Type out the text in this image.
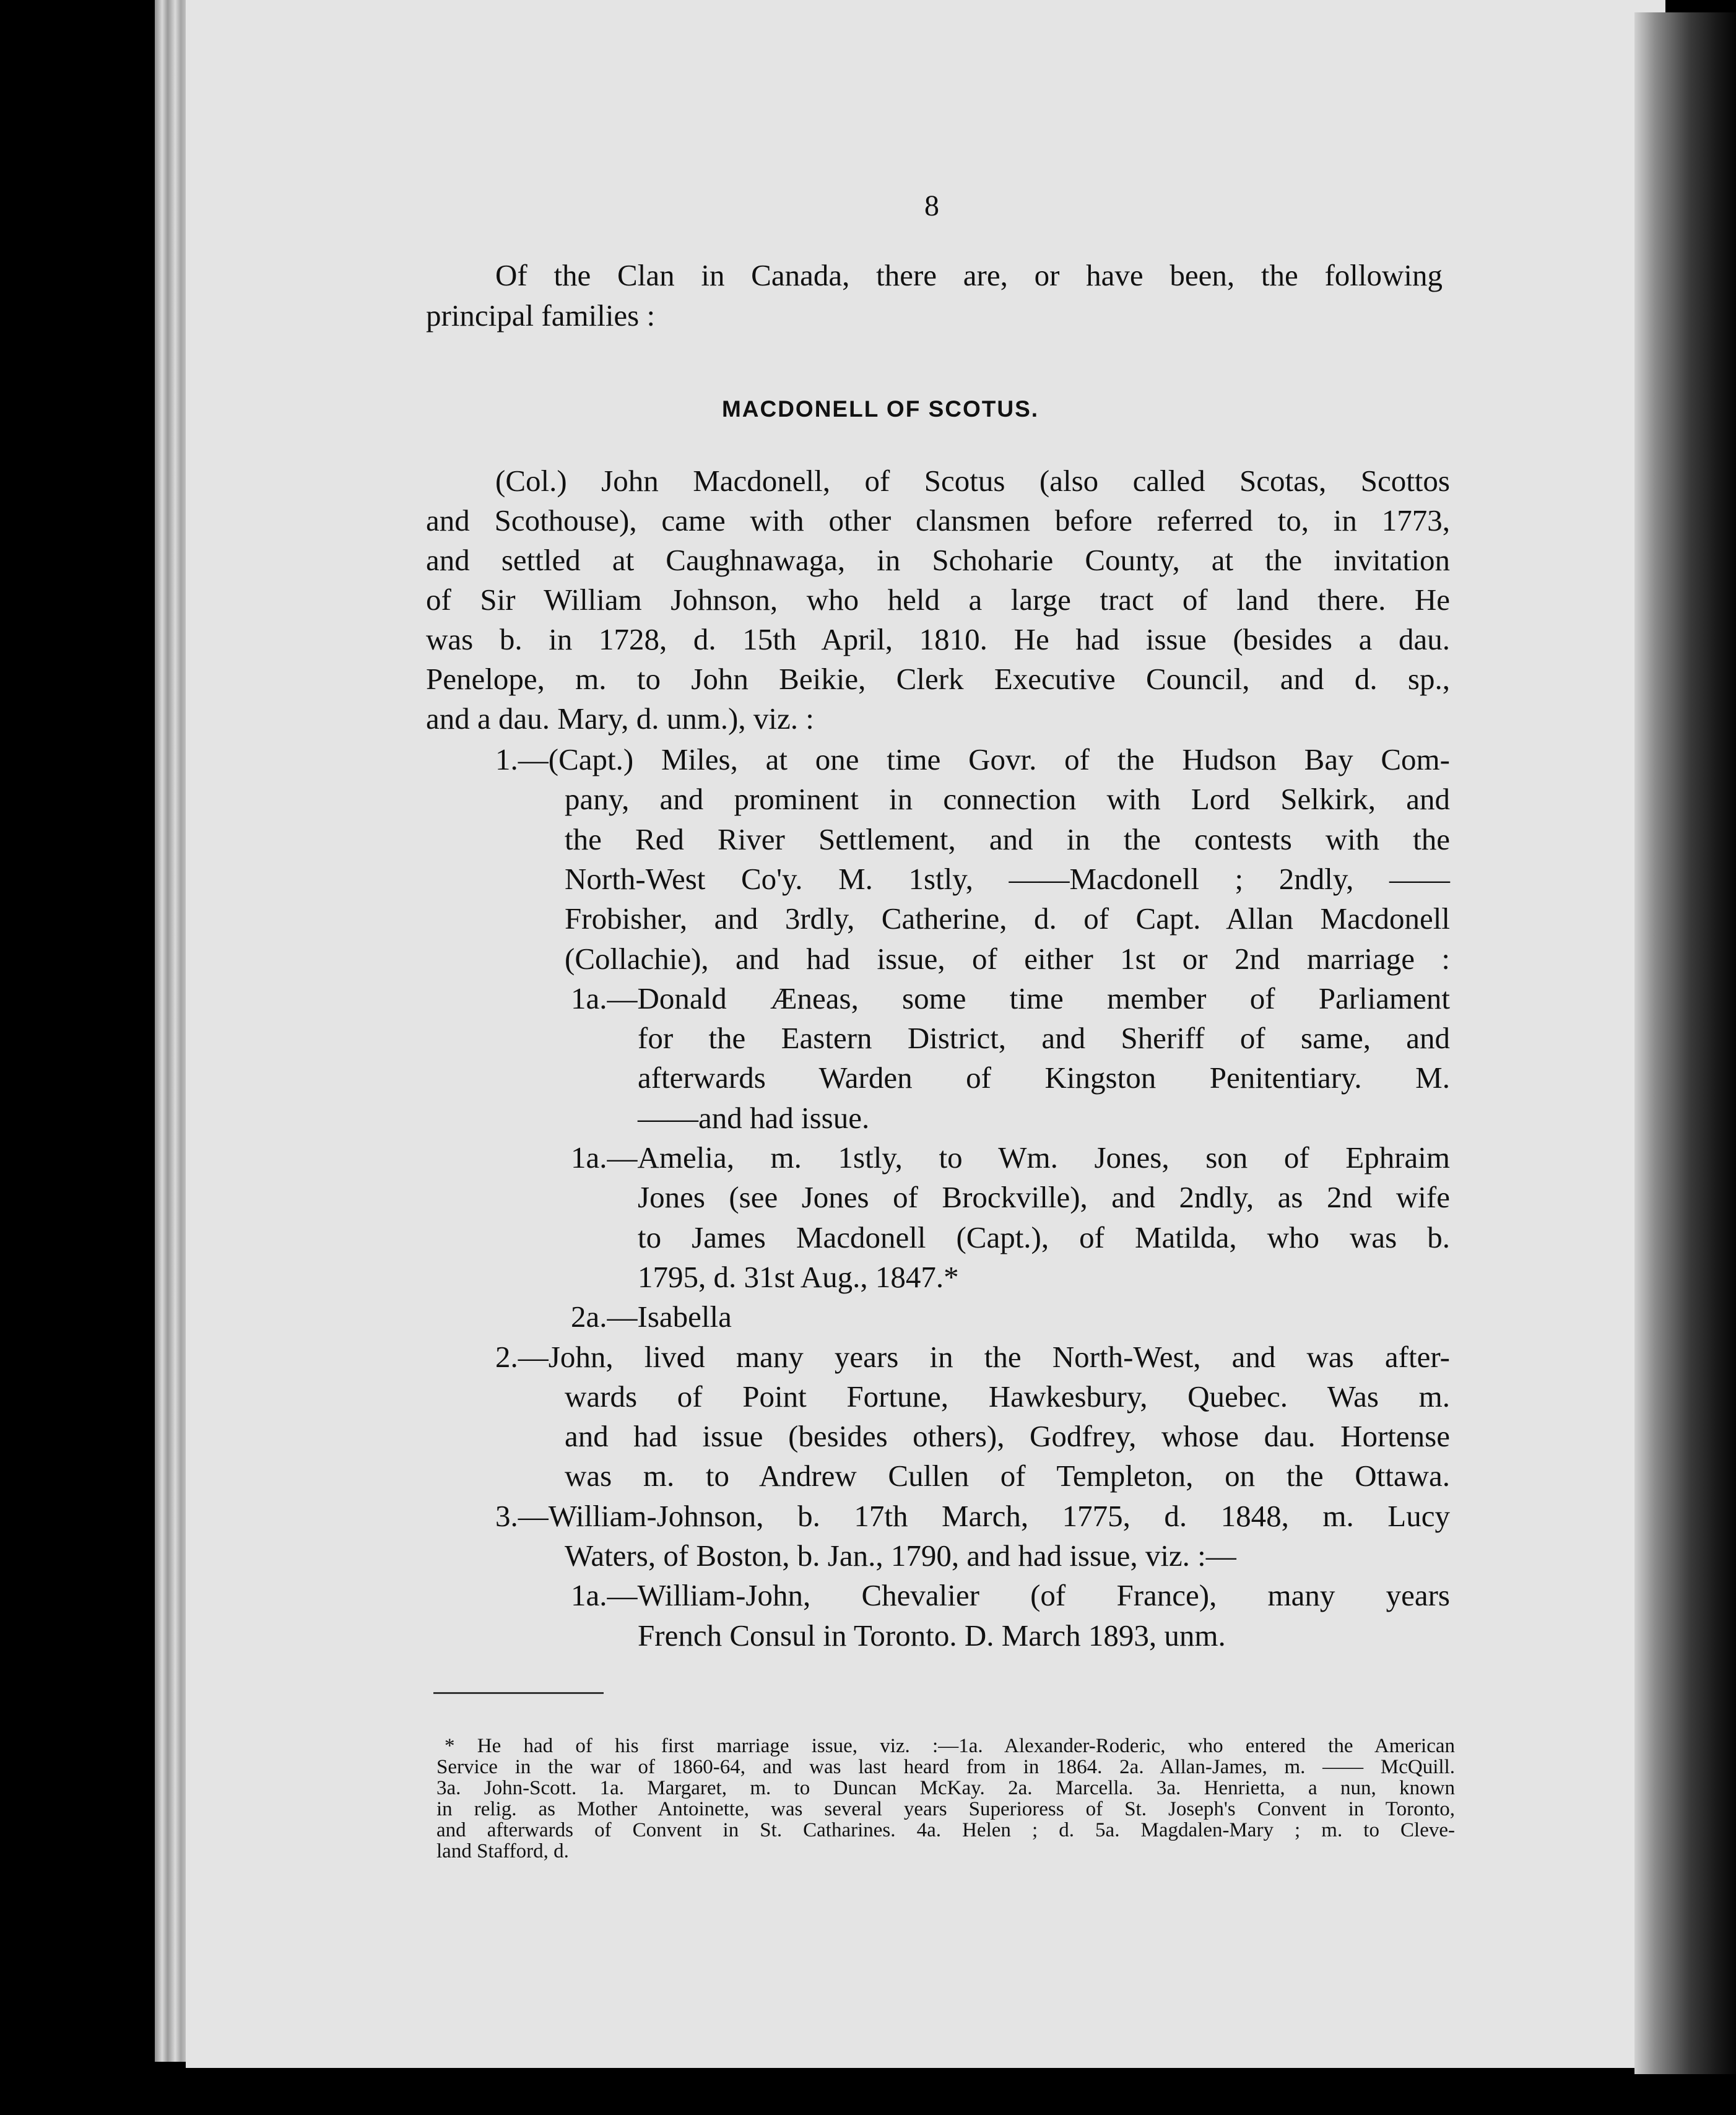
8
Of the Clan in Canada, there are, or have been, the following
principal families :
MACDONELL OF SCOTUS.
(Col.) John Macdonell, of Scotus (also called Scotas, Scottos
and Scothouse), came with other clansmen before referred to, in 1773,
and settled at Caughnawaga, in Schoharie County, at the invitation
of Sir William Johnson, who held a large tract of land there. He
was b. in 1728, d. 15th April, 1810. He had issue (besides a dau.
Penelope, m. to John Beikie, Clerk Executive Council, and d. sp.,
and a dau. Mary, d. unm.), viz. :
1.—(Capt.) Miles, at one time Govr. of the Hudson Bay Com-
pany, and prominent in connection with Lord Selkirk, and
the Red River Settlement, and in the contests with the
North-West Co'y. M. 1stly, ——Macdonell ; 2ndly, ——
Frobisher, and 3rdly, Catherine, d. of Capt. Allan Macdonell
(Collachie), and had issue, of either 1st or 2nd marriage :
1a.—Donald Æneas, some time member of Parliament
for the Eastern District, and Sheriff of same, and
afterwards Warden of Kingston Penitentiary. M.
——and had issue.
1a.—Amelia, m. 1stly, to Wm. Jones, son of Ephraim
Jones (see Jones of Brockville), and 2ndly, as 2nd wife
to James Macdonell (Capt.), of Matilda, who was b.
1795, d. 31st Aug., 1847.*
2a.—Isabella
2.—John, lived many years in the North-West, and was after-
wards of Point Fortune, Hawkesbury, Quebec. Was m.
and had issue (besides others), Godfrey, whose dau. Hortense
was m. to Andrew Cullen of Templeton, on the Ottawa.
3.—William-Johnson, b. 17th March, 1775, d. 1848, m. Lucy
Waters, of Boston, b. Jan., 1790, and had issue, viz. :—
1a.—William-John, Chevalier (of France), many years
French Consul in Toronto. D. March 1893, unm.
* He had of his first marriage issue, viz. :—1a. Alexander-Roderic, who entered the American
Service in the war of 1860-64, and was last heard from in 1864. 2a. Allan-James, m. —— McQuill.
3a. John-Scott. 1a. Margaret, m. to Duncan McKay. 2a. Marcella. 3a. Henrietta, a nun, known
in relig. as Mother Antoinette, was several years Superioress of St. Joseph's Convent in Toronto,
and afterwards of Convent in St. Catharines. 4a. Helen ; d. 5a. Magdalen-Mary ; m. to Cleve-
land Stafford, d.
